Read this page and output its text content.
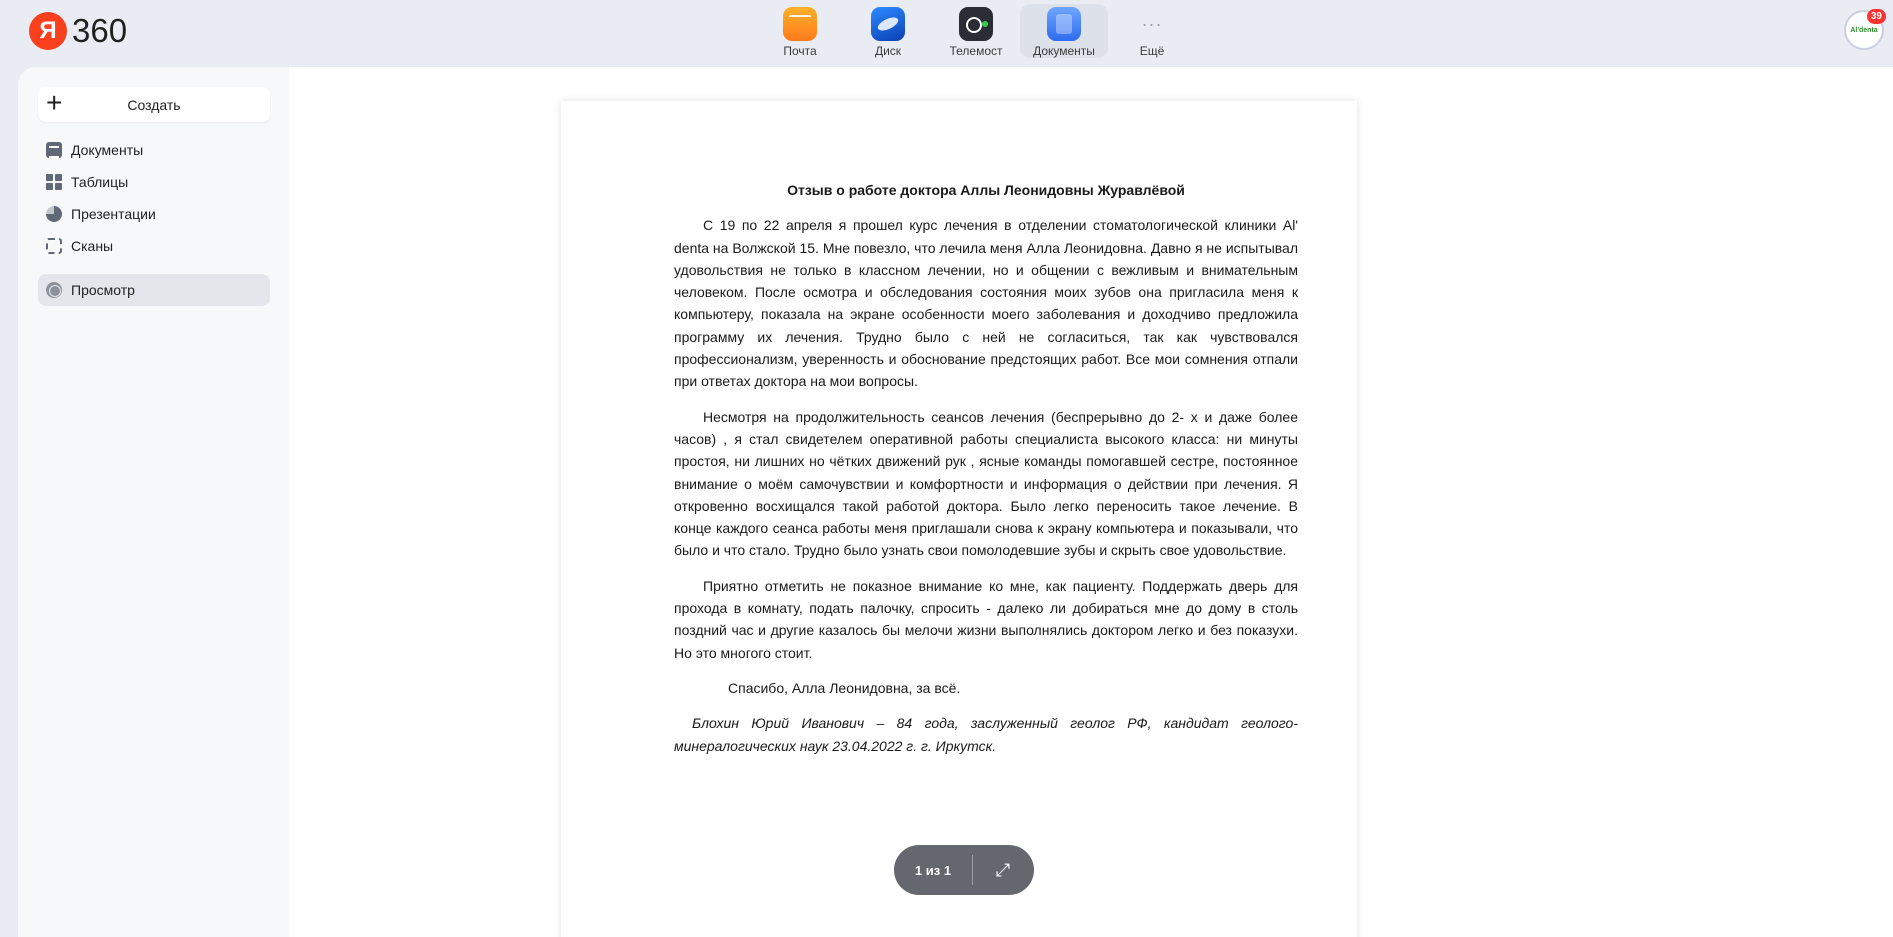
Я 360
Почта	Диск	Телемост	Документы
···
Ещё
Al'denta
39
+	Создать
Документы
Таблицы
Презентации
Сканы
Просмотр
Отзыв о работе доктора Аллы Леонидовны Журавлёвой

С 19 по 22 апреля я прошел курс лечения в отделении стоматологической клиники Al' denta на Волжской 15. Мне повезло, что лечила меня Алла Леонидовна. Давно я не испытывал удовольствия не только в классном лечении, но и общении с вежливым и внимательным человеком. После осмотра и обследования состояния моих зубов она пригласила меня к компьютеру, показала на экране особенности моего заболевания и доходчиво предложила программу их лечения. Трудно было с ней не согласиться, так как чувствовался профессионализм, уверенность и обоснование предстоящих работ. Все мои сомнения отпали при ответах доктора на мои вопросы.

Несмотря на продолжительность сеансов лечения (беспрерывно до 2- х и даже более часов) , я стал свидетелем оперативной работы специалиста высокого класса: ни минуты простоя, ни лишних но чётких движений рук , ясные команды помогавшей сестре, постоянное внимание о моём самочувствии и комфортности и информация о действии при лечения. Я откровенно восхищался такой работой доктора. Было легко переносить такое лечение. В конце каждого сеанса работы меня приглашали снова к экрану компьютера и показывали, что было и что стало. Трудно было узнать свои помолодевшие зубы и скрыть свое удовольствие.

Приятно отметить не показное внимание ко мне, как пациенту. Поддержать дверь для прохода в комнату, подать палочку, спросить - далеко ли добираться мне до дому в столь поздний час и другие казалось бы мелочи жизни выполнялись доктором легко и без показухи. Но это многого стоит.

Спасибо, Алла Леонидовна, за всё.

Блохин Юрий Иванович – 84 года, заслуженный геолог РФ, кандидат геолого-минералогических наук 23.04.2022 г. г. Иркутск.

1 из 1	⤢
